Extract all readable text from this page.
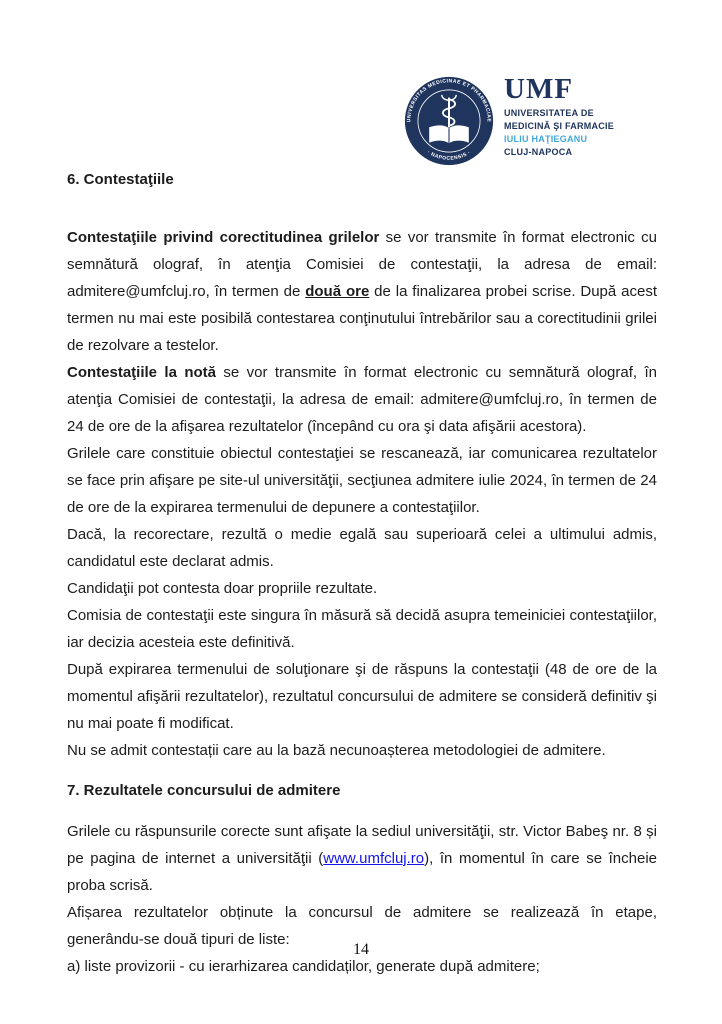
UNIVERSITAS MEDICINAE ET PHARMACIAE
· NAPOCENSIS ·
UMF
UNIVERSITATEA DE
MEDICINĂ ŞI FARMACIE
IULIU HAŢIEGANU
CLUJ-NAPOCA

6. Contestaţiile

Contestaţiile privind corectitudinea grilelor se vor transmite în format electronic cu semnătură olograf, în atenţia Comisiei de contestaţii, la adresa de email: admitere@umfcluj.ro, în termen de două ore de la finalizarea probei scrise. După acest termen nu mai este posibilă contestarea conţinutului întrebărilor sau a corectitudinii grilei de rezolvare a testelor.

Contestaţiile la notă se vor transmite în format electronic cu semnătură olograf, în atenţia Comisiei de contestaţii, la adresa de email: admitere@umfcluj.ro, în termen de 24 de ore de la afişarea rezultatelor (începând cu ora şi data afişării acestora).

Grilele care constituie obiectul contestaţiei se rescanează, iar comunicarea rezultatelor se face prin afişare pe site-ul universităţii, secţiunea admitere iulie 2024, în termen de 24 de ore de la expirarea termenului de depunere a contestaţiilor.

Dacă, la recorectare, rezultă o medie egală sau superioară celei a ultimului admis, candidatul este declarat admis.

Candidaţii pot contesta doar propriile rezultate.

Comisia de contestaţii este singura în măsură să decidă asupra temeiniciei contestaţiilor, iar decizia acesteia este definitivă.

După expirarea termenului de soluţionare şi de răspuns la contestaţii (48 de ore de la momentul afişării rezultatelor), rezultatul concursului de admitere se consideră definitiv şi nu mai poate fi modificat.

Nu se admit contestații care au la bază necunoașterea metodologiei de admitere.

7. Rezultatele concursului de admitere

Grilele cu răspunsurile corecte sunt afişate la sediul universităţii, str. Victor Babeş nr. 8 și pe pagina de internet a universităţii (www.umfcluj.ro), în momentul în care se încheie proba scrisă.

Afișarea rezultatelor obținute la concursul de admitere se realizează în etape, generându-se două tipuri de liste:

a) liste provizorii - cu ierarhizarea candidaților, generate după admitere;

14
